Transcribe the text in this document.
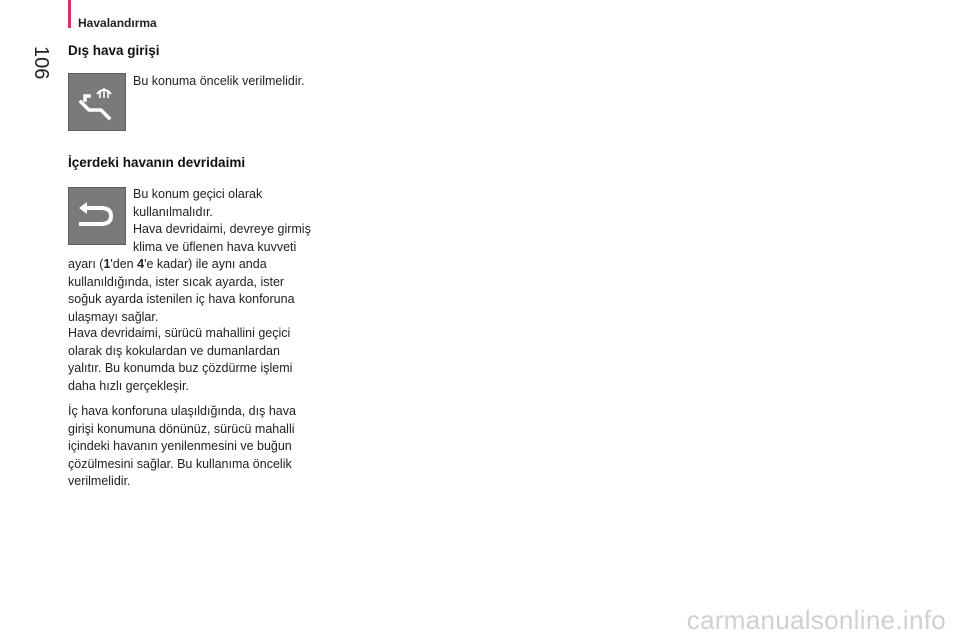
Havalandırma
106 Dış hava girişi
Bu konuma öncelik verilmelidir.
İçerdeki havanın devridaimi
Bu konum geçici olarak
kullanılmalıdır.
Hava devridaimi, devreye girmiş
klima ve üflenen hava kuvveti
ayarı (1'den 4'e kadar) ile aynı anda
kullanıldığında, ister sıcak ayarda, ister
soğuk ayarda istenilen iç hava konforuna
ulaşmayı sağlar.
Hava devridaimi, sürücü mahallini geçici
olarak dış kokulardan ve dumanlardan
yalıtır. Bu konumda buz çözdürme işlemi
daha hızlı gerçekleşir.
İç hava konforuna ulaşıldığında, dış hava
girişi konumuna dönünüz, sürücü mahalli
içindeki havanın yenilenmesini ve buğun
çözülmesini sağlar. Bu kullanıma öncelik
verilmelidir.
carmanualsonline.info
